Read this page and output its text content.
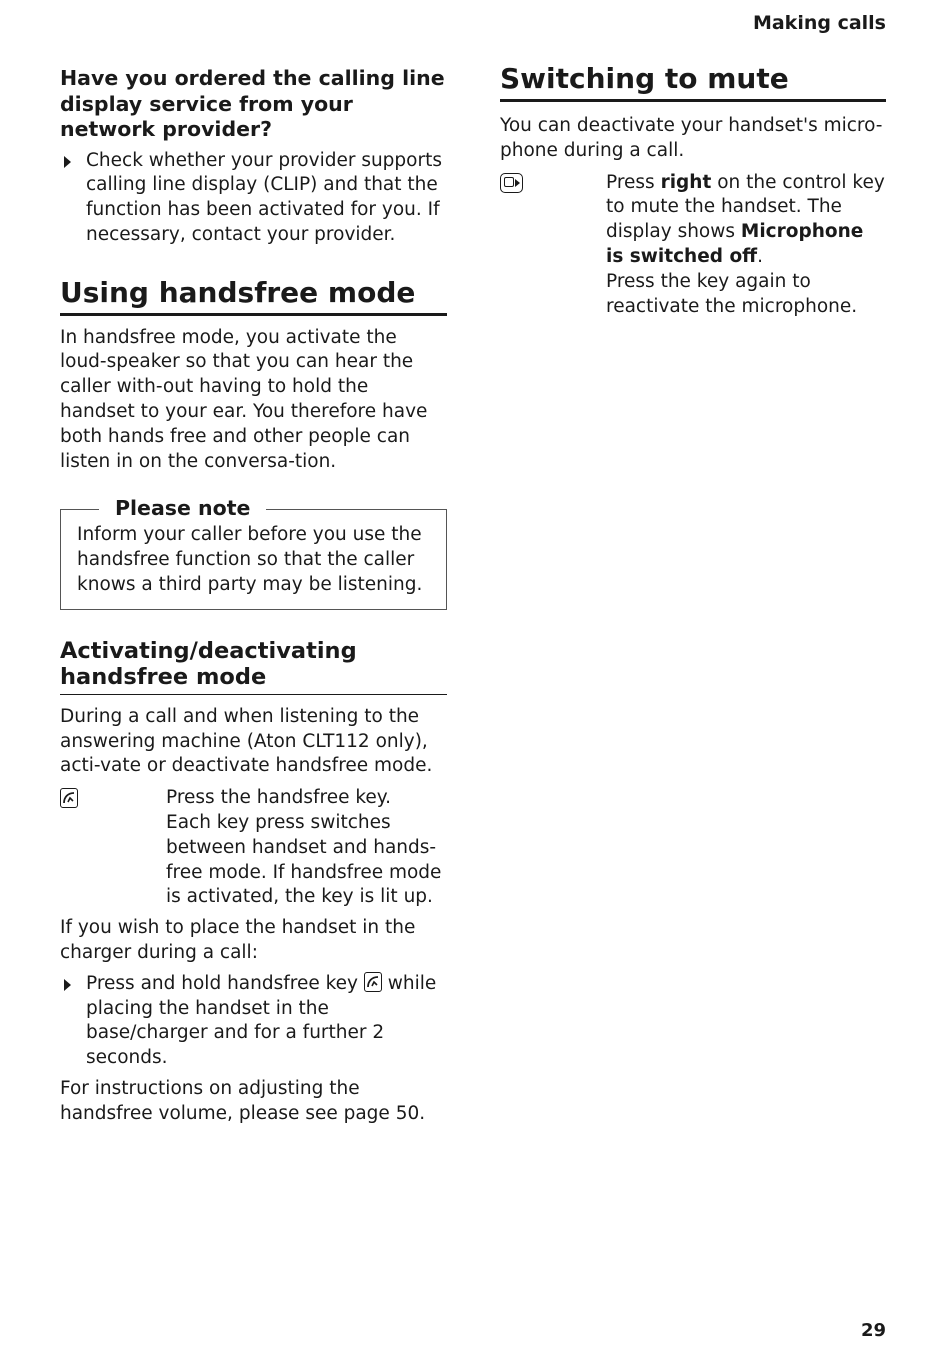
Making calls
Have you ordered the calling line display service from your network provider?
Check whether your provider supports calling line display (CLIP) and that the function has been activated for you. If necessary, contact your provider.
Using handsfree mode

In handsfree mode, you activate the loud-speaker so that you can hear the caller with-out having to hold the handset to your ear. You therefore have both hands free and other people can listen in on the conversa-tion.

Please note
Inform your caller before you use the handsfree function so that the caller knows a third party may be listening.
Activating/deactivating handsfree mode

During a call and when listening to the answering machine (Aton CLT112 only), acti-vate or deactivate handsfree mode.

Press the handsfree key.
Each key press switches between handset and hands-free mode. If handsfree mode is activated, the key is lit up.

If you wish to place the handset in the charger during a call:

Press and hold handsfree key while placing the handset in the base/charger and for a further 2 seconds.

For instructions on adjusting the handsfree volume, please see page 50.

Switching to mute

You can deactivate your handset's micro-phone during a call.

Press right on the control key to mute the handset. The display shows Microphone is switched off.
Press the key again to reactivate the microphone.
29
